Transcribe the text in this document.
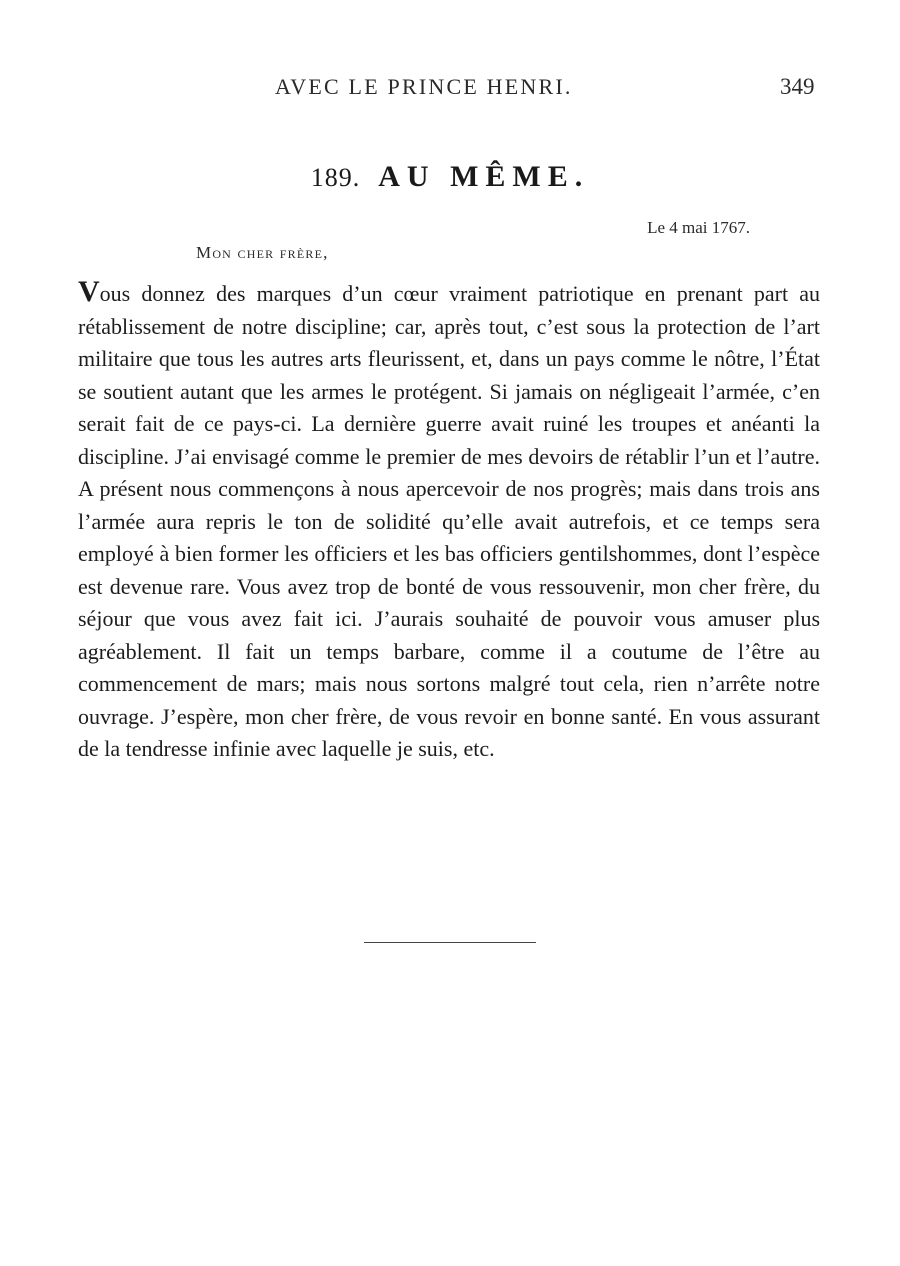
AVEC LE PRINCE HENRI.	349
189. AU MÊME.
Le 4 mai 1767.
Mon cher frère,

Vous donnez des marques d’un cœur vraiment patriotique en prenant part au rétablissement de notre discipline; car, après tout, c’est sous la protection de l’art militaire que tous les autres arts fleurissent, et, dans un pays comme le nôtre, l’État se soutient autant que les armes le protégent. Si jamais on négligeait l’armée, c’en serait fait de ce pays-ci. La dernière guerre avait ruiné les troupes et anéanti la discipline. J’ai envisagé comme le premier de mes devoirs de rétablir l’un et l’autre. A présent nous commençons à nous apercevoir de nos progrès; mais dans trois ans l’armée aura repris le ton de solidité qu’elle avait autrefois, et ce temps sera employé à bien former les officiers et les bas officiers gentilshommes, dont l’espèce est devenue rare. Vous avez trop de bonté de vous ressouvenir, mon cher frère, du séjour que vous avez fait ici. J’aurais souhaité de pouvoir vous amuser plus agréablement. Il fait un temps barbare, comme il a coutume de l’être au commencement de mars; mais nous sortons malgré tout cela, rien n’arrête notre ouvrage. J’espère, mon cher frère, de vous revoir en bonne santé. En vous assurant de la tendresse infinie avec laquelle je suis, etc.
